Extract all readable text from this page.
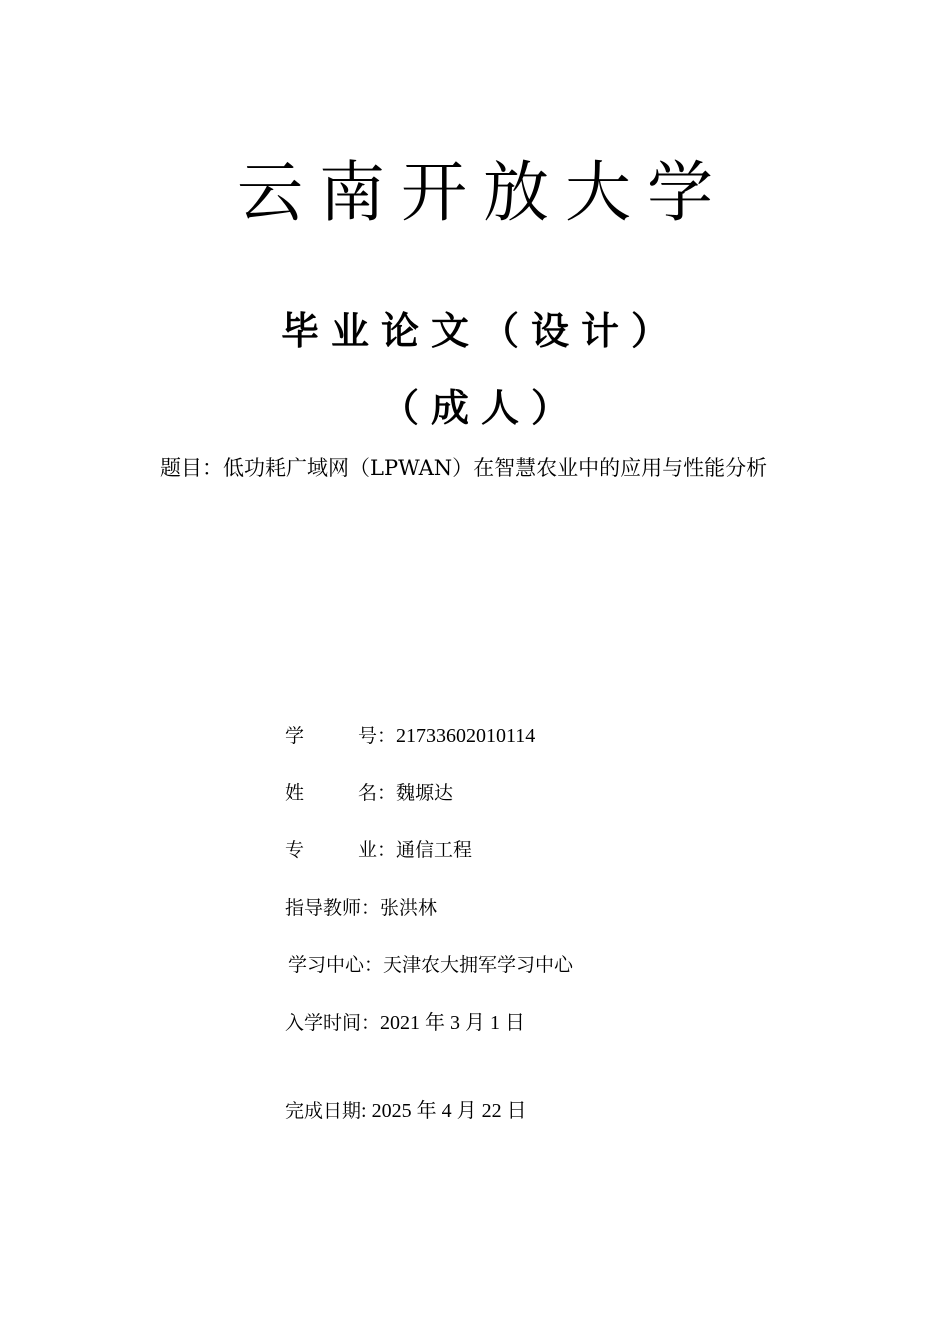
云南开放大学
毕业论文（设计）
（成人）
题目：低功耗广域网（LPWAN）在智慧农业中的应用与性能分析
学	号 ：21733602010114
姓	名 ：魏塬达
专	业 ：通信工程
指导教师：张洪林
学习中心：天津农大拥军学习中心
入学时间：2021 年 3 月 1 日
完成日期: 2025 年 4 月 22 日
